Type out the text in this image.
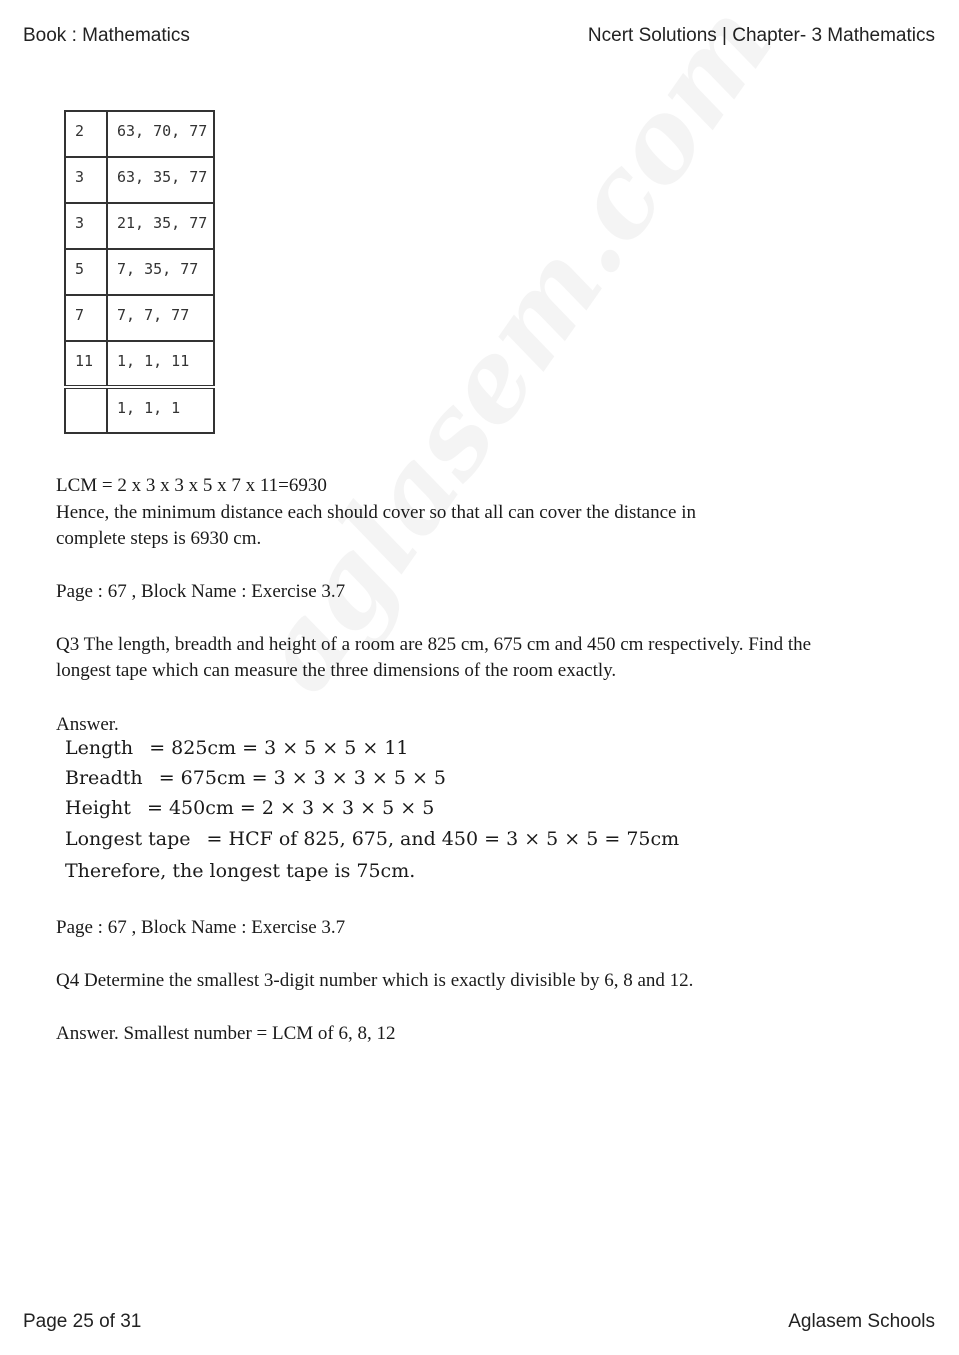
Book : Mathematics	Ncert Solutions | Chapter- 3 Mathematics
2	63, 70, 77
3	63, 35, 77
3	21, 35, 77
5	7, 35, 77
7	7, 7, 77
11	1, 1, 11
	1, 1, 1
LCM = 2 x 3 x 3 x 5 x 7 x 11=6930
Hence, the minimum distance each should cover so that all can cover the distance in
complete steps is 6930 cm.
Page : 67 , Block Name : Exercise 3.7
Q3 The length, breadth and height of a room are 825 cm, 675 cm and 450 cm respectively. Find the
longest tape which can measure the three dimensions of the room exactly.
Answer.
Length = 825cm = 3 × 5 × 5 × 11
Breadth = 675cm = 3 × 3 × 3 × 5 × 5
Height = 450cm = 2 × 3 × 3 × 5 × 5
Longest tape = HCF of 825, 675, and 450 = 3 × 5 × 5 = 75cm
Therefore, the longest tape is 75cm.
Page : 67 , Block Name : Exercise 3.7
Q4 Determine the smallest 3-digit number which is exactly divisible by 6, 8 and 12.
Answer. Smallest number = LCM of 6, 8, 12
Page 25 of 31	Aglasem Schools
